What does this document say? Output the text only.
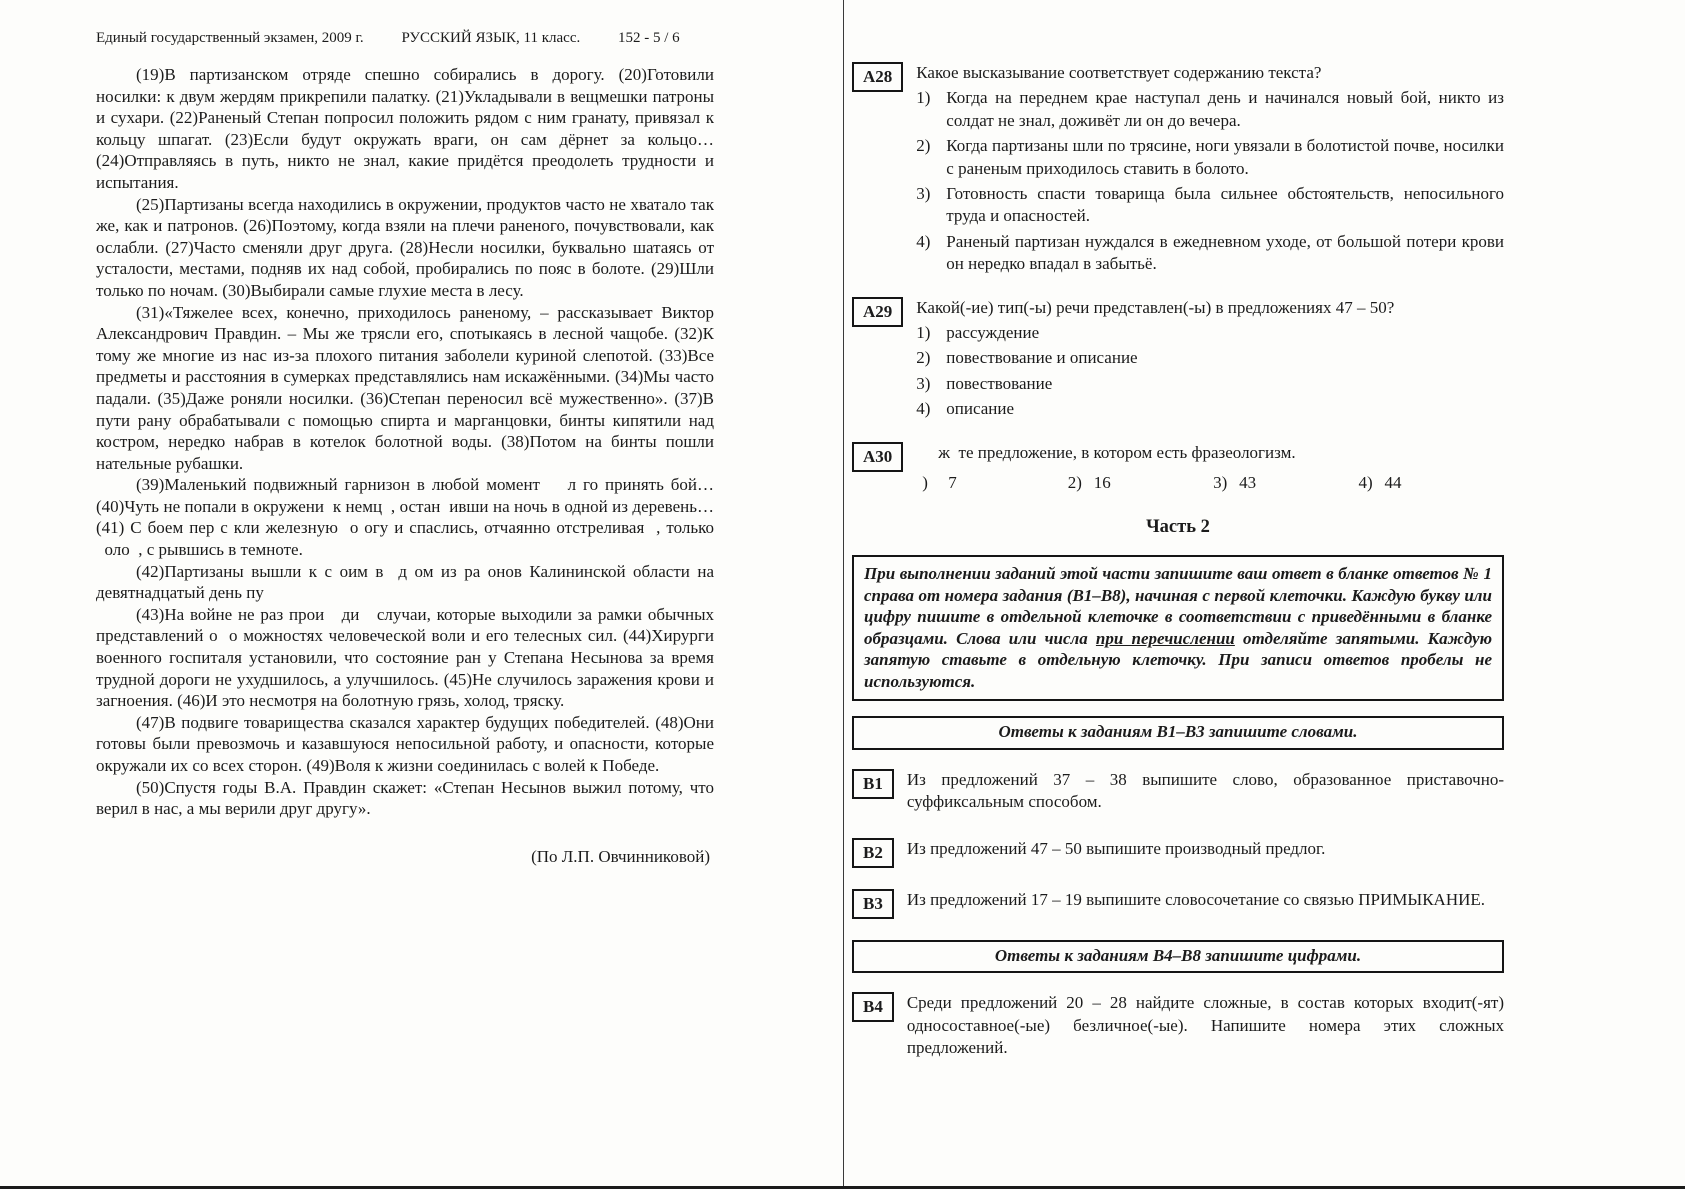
Единый государственный экзамен, 2009 г.	РУССКИЙ ЯЗЫК, 11 класс.	152 - 5 / 6

(19)В партизанском отряде спешно собирались в дорогу. (20)Готовили носилки: к двум жердям прикрепили палатку. (21)Укладывали в вещмешки патроны и сухари. (22)Раненый Степан попросил положить рядом с ним гранату, привязал к кольцу шпагат. (23)Если будут окружать враги, он сам дёрнет за кольцо… (24)Отправляясь в путь, никто не знал, какие придётся преодолеть трудности и испытания.

(25)Партизаны всегда находились в окружении, продуктов часто не хватало так же, как и патронов. (26)Поэтому, когда взяли на плечи раненого, почувствовали, как ослабли. (27)Часто сменяли друг друга. (28)Несли носилки, буквально шатаясь от усталости, местами, подняв их над собой, пробирались по пояс в болоте. (29)Шли только по ночам. (30)Выбирали самые глухие места в лесу.

(31)«Тяжелее всех, конечно, приходилось раненому, – рассказывает Виктор Александрович Правдин. – Мы же трясли его, спотыкаясь в лесной чащобе. (32)К тому же многие из нас из-за плохого питания заболели куриной слепотой. (33)Все предметы и расстояния в сумерках представлялись нам искажёнными. (34)Мы часто падали. (35)Даже роняли носилки. (36)Степан переносил всё мужественно». (37)В пути рану обрабатывали с помощью спирта и марганцовки, бинты кипятили над костром, нередко набрав в котелок болотной воды. (38)Потом на бинты пошли нательные рубашки.

(39)Маленький подвижный гарнизон в любой момент    л го принять бой… (40)Чуть не попали в окружени  к немц  , остан  ивши на ночь в одной из деревень…(41) С боем пер с кли железную  о огу и спаслись, отчаянно отстреливая  , только   оло  , с рывшись в темноте.

(42)Партизаны вышли к с оим в  д ом из ра онов Калининской области на девятнадцатый день пу

(43)На войне не раз прои   ди   случаи, которые выходили за рамки обычных представлений о  о можностях человеческой воли и его телесных сил. (44)Хирурги военного госпиталя установили, что состояние ран у Степана Несынова за время трудной дороги не ухудшилось, а улучшилось. (45)Не случилось заражения крови и загноения. (46)И это несмотря на болотную грязь, холод, тряску.

(47)В подвиге товарищества сказался характер будущих победителей. (48)Они готовы были превозмочь и казавшуюся непосильной работу, и опасности, которые окружали их со всех сторон. (49)Воля к жизни соединилась с волей к Победе.

(50)Спустя годы В.А. Правдин скажет: «Степан Несынов выжил потому, что верил в нас, а мы верили друг другу».

(По Л.П. Овчинниковой)

А28	Какое высказывание соответствует содержанию текста?

1) Когда на переднем крае наступал день и начинался новый бой, никто из солдат не знал, доживёт ли он до вечера.
2) Когда партизаны шли по трясине, ноги увязали в болотистой почве, носилки с раненым приходилось ставить в болото.
3) Готовность спасти товарища была сильнее обстоятельств, непосильного труда и опасностей.
4) Раненый партизан нуждался в ежедневном уходе, от большой потери крови он нередко впадал в забытьё.
А29	Какой(-ие) тип(-ы) речи представлен(-ы) в предложениях 47 – 50?

1) рассуждение
2) повествование и описание
3) повествование
4) описание
А30	ж  те предложение, в котором есть фразеологизм.

)	7	2) 16	3) 43	4) 44
Часть 2
При выполнении заданий этой части запишите ваш ответ в бланке ответов № 1 справа от номера задания (В1–В8), начиная с первой клеточки. Каждую букву или цифру пишите в отдельной клеточке в соответствии с приведёнными в бланке образцами. Слова или числа при перечислении отделяйте запятыми. Каждую запятую ставьте в отдельную клеточку. При записи ответов пробелы не используются.
Ответы к заданиям В1–В3 запишите словами.
В1	Из предложений 37 – 38 выпишите слово, образованное приставочно-суффиксальным способом.

В2	Из предложений 47 – 50 выпишите производный предлог.

В3	Из предложений 17 – 19 выпишите словосочетание со связью ПРИМЫКАНИЕ.

Ответы к заданиям В4–В8 запишите цифрами.
В4	Среди предложений 20 – 28 найдите сложные, в состав которых входит(-ят) односоставное(-ые) безличное(-ые). Напишите номера этих сложных предложений.
